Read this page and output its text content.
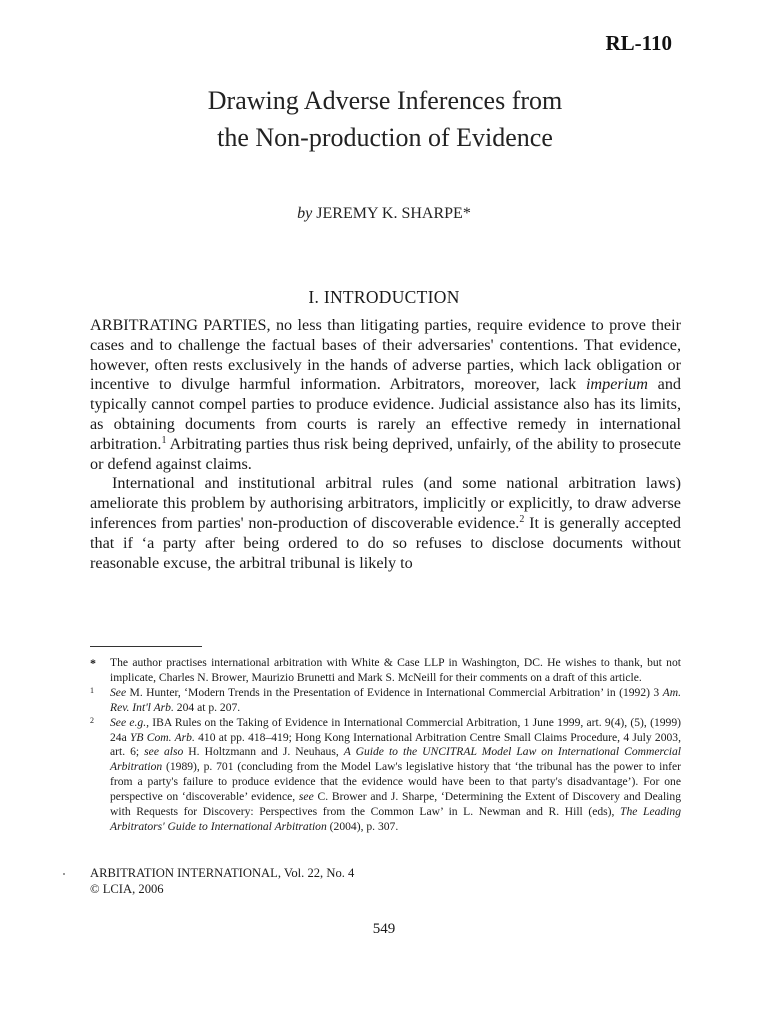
RL-110
Drawing Adverse Inferences from
the Non-production of Evidence
by JEREMY K. SHARPE*
I. INTRODUCTION

ARBITRATING PARTIES, no less than litigating parties, require evidence to prove their cases and to challenge the factual bases of their adversaries' contentions. That evidence, however, often rests exclusively in the hands of adverse parties, which lack obligation or incentive to divulge harmful information. Arbitrators, moreover, lack imperium and typically cannot compel parties to produce evidence. Judicial assistance also has its limits, as obtaining documents from courts is rarely an effective remedy in international arbitration.$^1$ Arbitrating parties thus risk being deprived, unfairly, of the ability to prosecute or defend against claims.

International and institutional arbitral rules (and some national arbitration laws) ameliorate this problem by authorising arbitrators, implicitly or explicitly, to draw adverse inferences from parties' non-production of discoverable evidence.$^2$ It is generally accepted that if ‘a party after being ordered to do so refuses to disclose documents without reasonable excuse, the arbitral tribunal is likely to

*	The author practises international arbitration with White & Case LLP in Washington, DC. He wishes to thank, but not implicate, Charles N. Brower, Maurizio Brunetti and Mark S. McNeill for their comments on a draft of this article.

1	See M. Hunter, ‘Modern Trends in the Presentation of Evidence in International Commercial Arbitration’ in (1992) 3 Am. Rev. Int'l Arb. 204 at p. 207.

2	See e.g., IBA Rules on the Taking of Evidence in International Commercial Arbitration, 1 June 1999, art. 9(4), (5), (1999) 24a YB Com. Arb. 410 at pp. 418–419; Hong Kong International Arbitration Centre Small Claims Procedure, 4 July 2003, art. 6; see also H. Holtzmann and J. Neuhaus, A Guide to the UNCITRAL Model Law on International Commercial Arbitration (1989), p. 701 (concluding from the Model Law's legislative history that ‘the tribunal has the power to infer from a party's failure to produce evidence that the evidence would have been to that party's disadvantage’). For one perspective on ‘discoverable’ evidence, see C. Brower and J. Sharpe, ‘Determining the Extent of Discovery and Dealing with Requests for Discovery: Perspectives from the Common Law’ in L. Newman and R. Hill (eds), The Leading Arbitrators' Guide to International Arbitration (2004), p. 307.

ARBITRATION INTERNATIONAL, Vol. 22, No. 4
© LCIA, 2006
549
